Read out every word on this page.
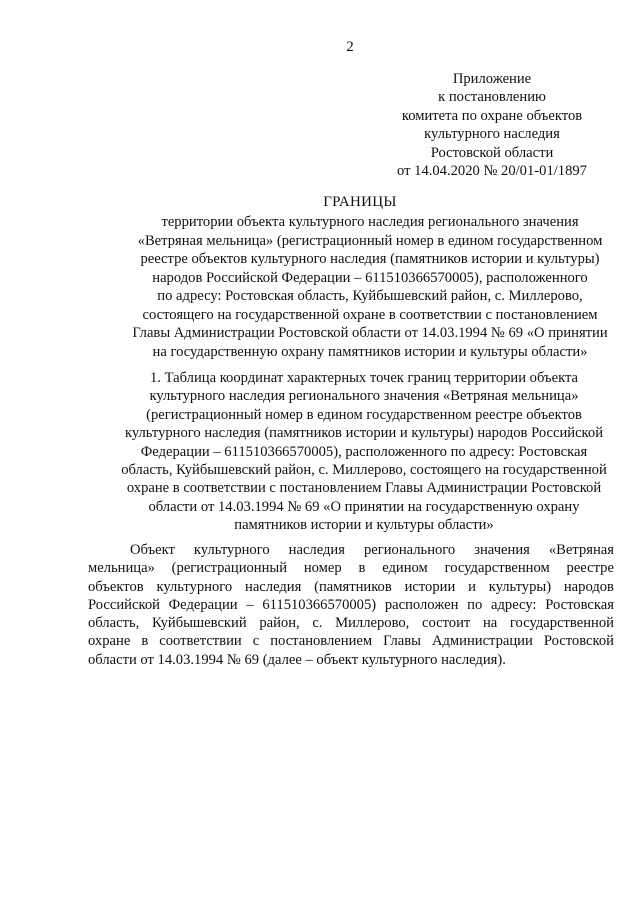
2
Приложение
к постановлению
комитета по охране объектов
культурного наследия
Ростовской области
от 14.04.2020 № 20/01-01/1897
ГРАНИЦЫ
территории объекта культурного наследия регионального значения
«Ветряная мельница» (регистрационный номер в едином государственном
реестре объектов культурного наследия (памятников истории и культуры)
народов Российской Федерации – 611510366570005), расположенного
по адресу: Ростовская область, Куйбышевский район, с. Миллерово,
состоящего на государственной охране в соответствии с постановлением
Главы Администрации Ростовской области от 14.03.1994 № 69 «О принятии
на государственную охрану памятников истории и культуры области»
1. Таблица координат характерных точек границ территории объекта
культурного наследия регионального значения «Ветряная мельница»
(регистрационный номер в едином государственном реестре объектов
культурного наследия (памятников истории и культуры) народов Российской
Федерации – 611510366570005), расположенного по адресу: Ростовская
область, Куйбышевский район, с. Миллерово, состоящего на государственной
охране в соответствии с постановлением Главы Администрации Ростовской
области от 14.03.1994 № 69 «О принятии на государственную охрану
памятников истории и культуры области»
Объект культурного наследия регионального значения «Ветряная
мельница» (регистрационный номер в едином государственном реестре
объектов культурного наследия (памятников истории и культуры) народов
Российской Федерации – 611510366570005) расположен по адресу: Ростовская
область, Куйбышевский район, с. Миллерово, состоит на государственной
охране в соответствии с постановлением Главы Администрации Ростовской
области от 14.03.1994 № 69 (далее – объект культурного наследия).
